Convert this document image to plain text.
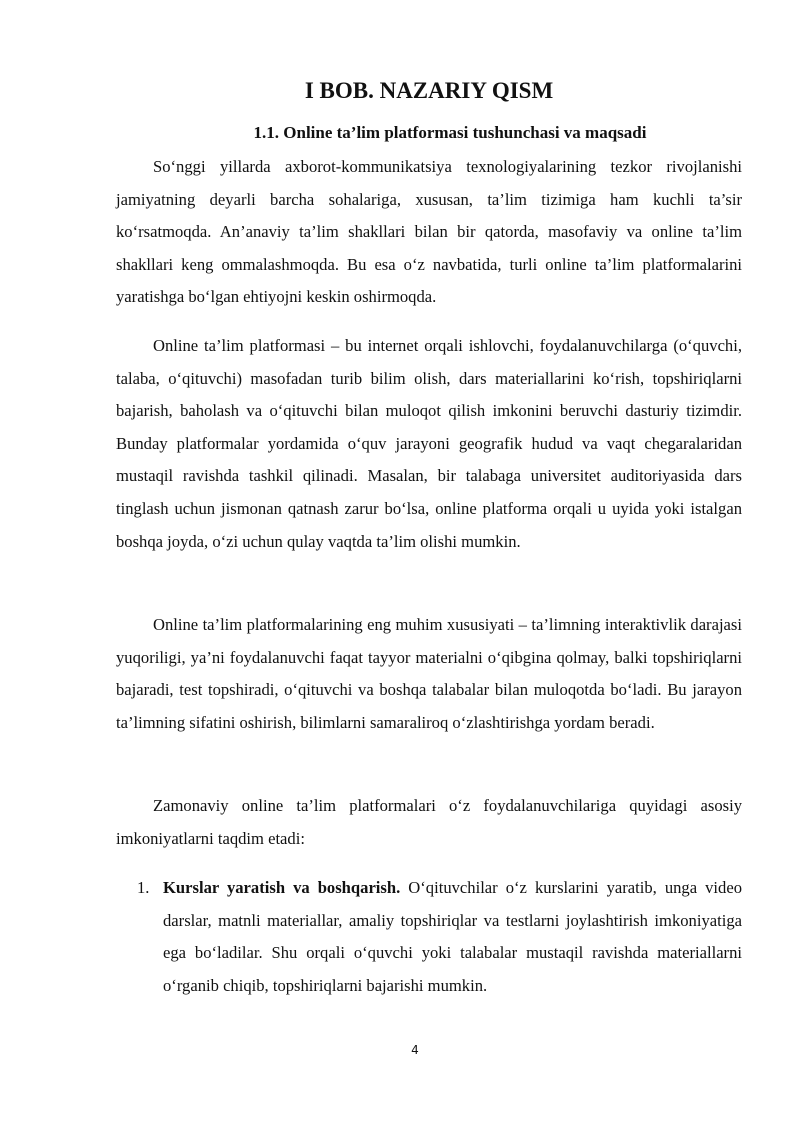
I BOB. NAZARIY QISM
1.1. Online ta’lim platformasi tushunchasi va maqsadi

So‘nggi yillarda axborot-kommunikatsiya texnologiyalarining tezkor rivojlanishi jamiyatning deyarli barcha sohalariga, xususan, ta’lim tizimiga ham kuchli ta’sir ko‘rsatmoqda. An’anaviy ta’lim shakllari bilan bir qatorda, masofaviy va online ta’lim shakllari keng ommalashmoqda. Bu esa o‘z navbatida, turli online ta’lim platformalarini yaratishga bo‘lgan ehtiyojni keskin oshirmoqda.

Online ta’lim platformasi – bu internet orqali ishlovchi, foydalanuvchilarga (o‘quvchi, talaba, o‘qituvchi) masofadan turib bilim olish, dars materiallarini ko‘rish, topshiriqlarni bajarish, baholash va o‘qituvchi bilan muloqot qilish imkonini beruvchi dasturiy tizimdir. Bunday platformalar yordamida o‘quv jarayoni geografik hudud va vaqt chegaralaridan mustaqil ravishda tashkil qilinadi. Masalan, bir talabaga universitet auditoriyasida dars tinglash uchun jismonan qatnash zarur bo‘lsa, online platforma orqali u uyida yoki istalgan boshqa joyda, o‘zi uchun qulay vaqtda ta’lim olishi mumkin.

Online ta’lim platformalarining eng muhim xususiyati – ta’limning interaktivlik darajasi yuqoriligi, ya’ni foydalanuvchi faqat tayyor materialni o‘qibgina qolmay, balki topshiriqlarni bajaradi, test topshiradi, o‘qituvchi va boshqa talabalar bilan muloqotda bo‘ladi. Bu jarayon ta’limning sifatini oshirish, bilimlarni samaraliroq o‘zlashtirishga yordam beradi.

Zamonaviy online ta’lim platformalari o‘z foydalanuvchilariga quyidagi asosiy imkoniyatlarni taqdim etadi:

1. Kurslar yaratish va boshqarish. O‘qituvchilar o‘z kurslarini yaratib, unga video darslar, matnli materiallar, amaliy topshiriqlar va testlarni joylashtirish imkoniyatiga ega bo‘ladilar. Shu orqali o‘quvchi yoki talabalar mustaqil ravishda materiallarni o‘rganib chiqib, topshiriqlarni bajarishi mumkin.
4
